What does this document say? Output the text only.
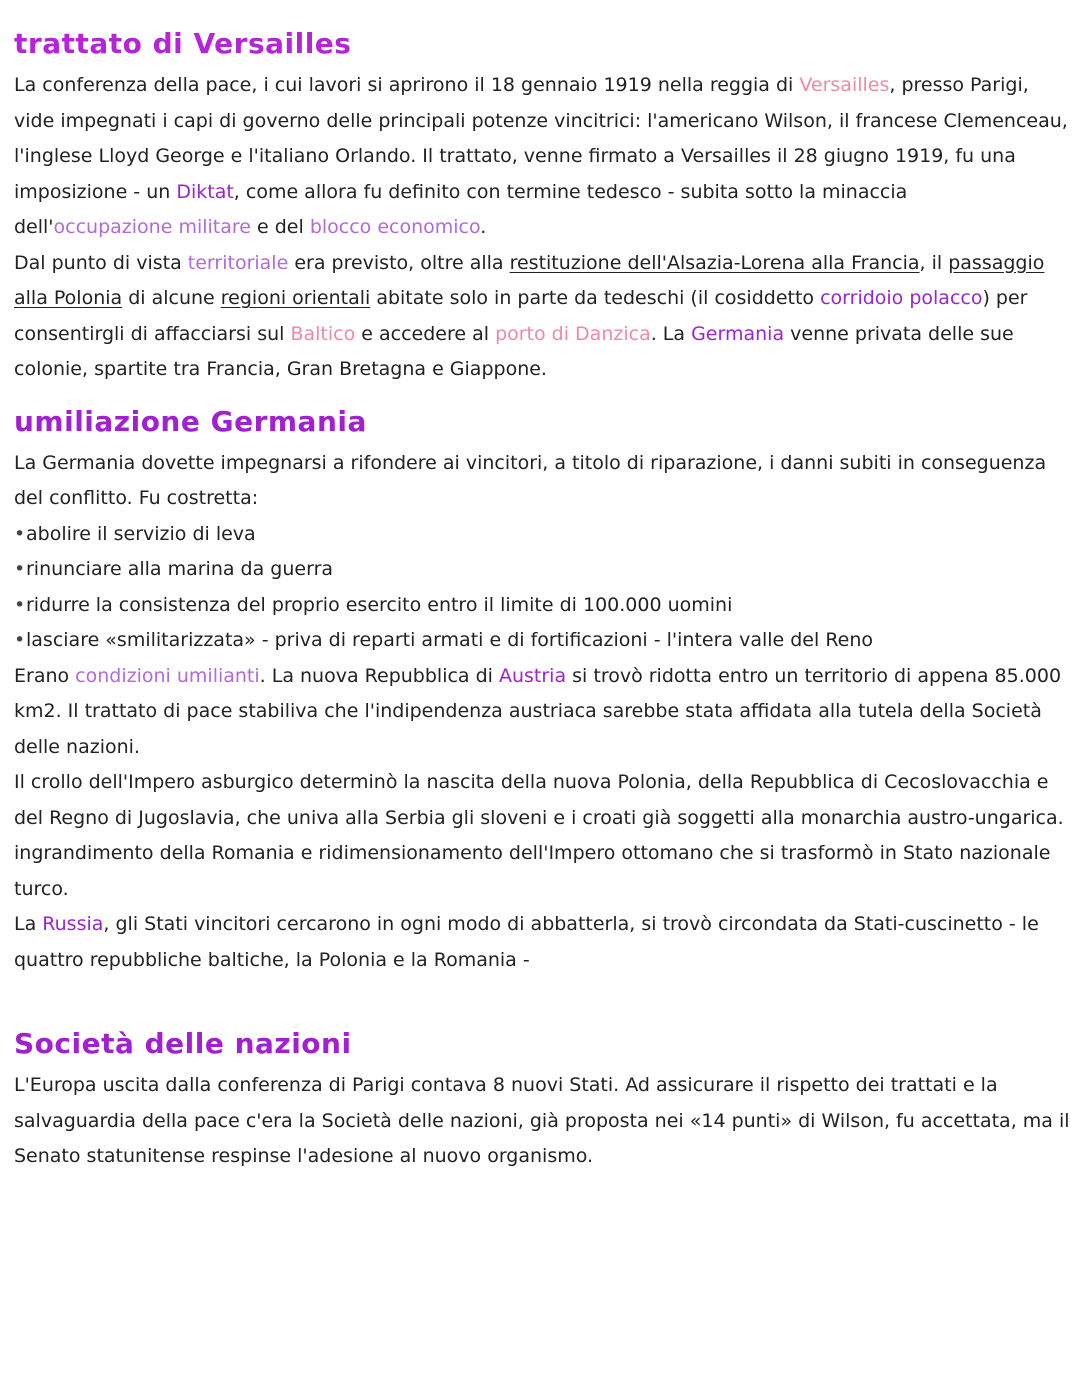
trattato di Versailles

La conferenza della pace, i cui lavori si aprirono il 18 gennaio 1919 nella reggia di Versailles, presso Parigi, vide impegnati i capi di governo delle principali potenze vincitrici: l'americano Wilson, il francese Clemenceau, l'inglese Lloyd George e l'italiano Orlando. Il trattato, venne firmato a Versailles il 28 giugno 1919, fu una imposizione - un Diktat, come allora fu definito con termine tedesco - subita sotto la minaccia dell'occupazione militare e del blocco economico.

Dal punto di vista territoriale era previsto, oltre alla restituzione dell'Alsazia-Lorena alla Francia, il passaggio alla Polonia di alcune regioni orientali abitate solo in parte da tedeschi (il cosiddetto corridoio polacco) per consentirgli di affacciarsi sul Baltico e accedere al porto di Danzica. La Germania venne privata delle sue colonie, spartite tra Francia, Gran Bretagna e Giappone.

umiliazione Germania

La Germania dovette impegnarsi a rifondere ai vincitori, a titolo di riparazione, i danni subiti in conseguenza del conflitto. Fu costretta:

• abolire il servizio di leva
• rinunciare alla marina da guerra
• ridurre la consistenza del proprio esercito entro il limite di 100.000 uomini
• lasciare «smilitarizzata» - priva di reparti armati e di fortificazioni - l'intera valle del Reno

Erano condizioni umilianti. La nuova Repubblica di Austria si trovò ridotta entro un territorio di appena 85.000 km2. Il trattato di pace stabiliva che l'indipendenza austriaca sarebbe stata affidata alla tutela della Società delle nazioni.

Il crollo dell'Impero asburgico determinò la nascita della nuova Polonia, della Repubblica di Cecoslovacchia e del Regno di Jugoslavia, che univa alla Serbia gli sloveni e i croati già soggetti alla monarchia austro-ungarica. ingrandimento della Romania e ridimensionamento dell'Impero ottomano che si trasformò in Stato nazionale turco.

La Russia, gli Stati vincitori cercarono in ogni modo di abbatterla, si trovò circondata da Stati-cuscinetto - le quattro repubbliche baltiche, la Polonia e la Romania -

Società delle nazioni

L'Europa uscita dalla conferenza di Parigi contava 8 nuovi Stati. Ad assicurare il rispetto dei trattati e la salvaguardia della pace c'era la Società delle nazioni, già proposta nei «14 punti» di Wilson, fu accettata, ma il Senato statunitense respinse l'adesione al nuovo organismo.
